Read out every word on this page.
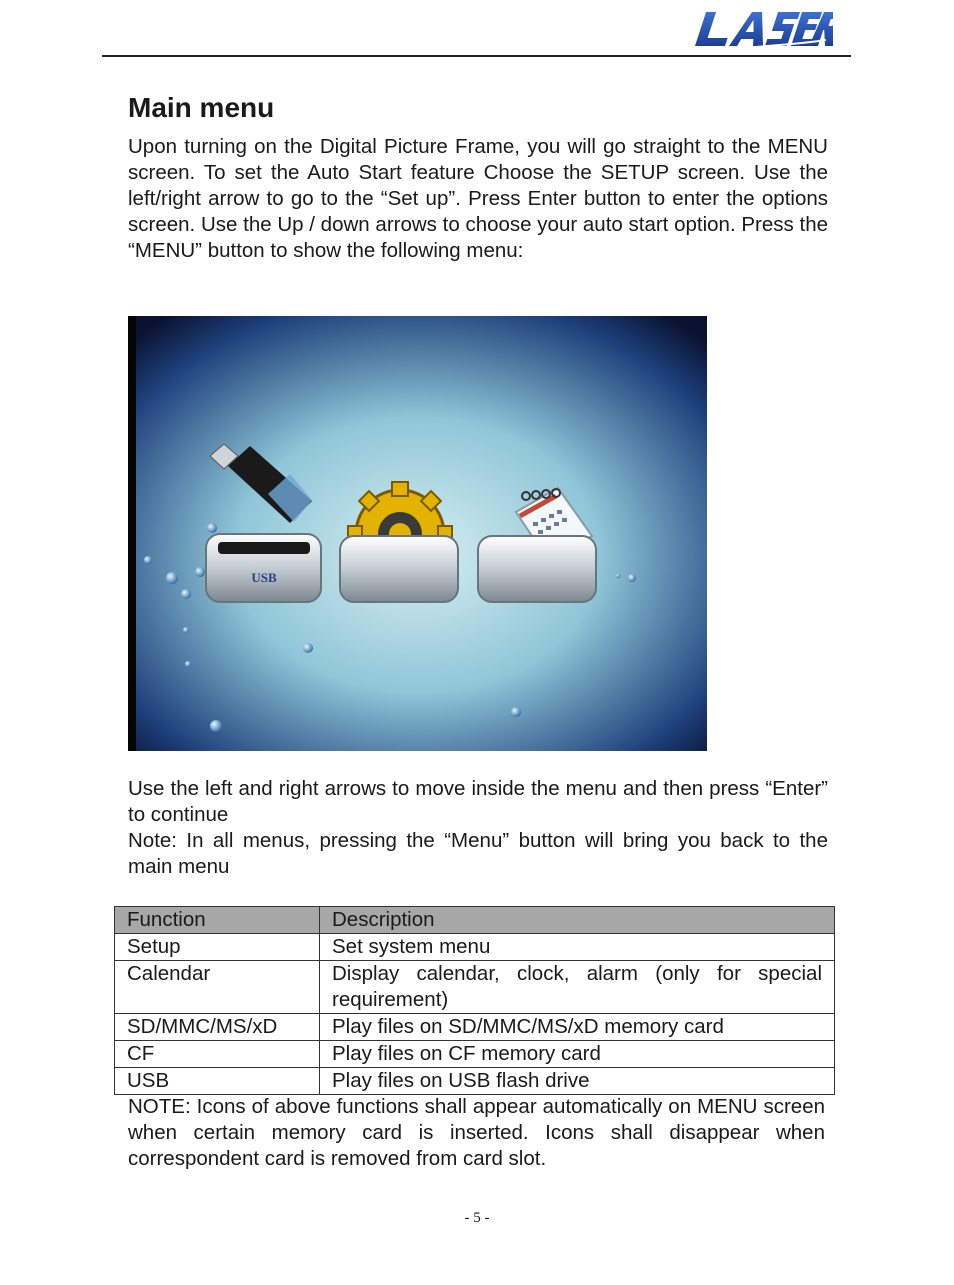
Main menu

Upon turning on the Digital Picture Frame, you will go straight to the MENU screen. To set the Auto Start feature Choose the SETUP screen. Use the left/right arrow to go to the “Set up”. Press Enter button to enter the options screen. Use the Up / down arrows to choose your auto start option. Press the “MENU” button to show the following menu:

USB

Use the left and right arrows to move inside the menu and then press “Enter” to continue

Note: In all menus, pressing the “Menu” button will bring you back to the main menu

Function	Description
Setup	Set system menu
Calendar	Display calendar, clock, alarm (only for special requirement)
SD/MMC/MS/xD	Play files on SD/MMC/MS/xD memory card
CF	Play files on CF memory card
USB	Play files on USB flash drive

NOTE: Icons of above functions shall appear automatically on MENU screen when certain memory card is inserted. Icons shall disappear when correspondent card is removed from card slot.

- 5 -
